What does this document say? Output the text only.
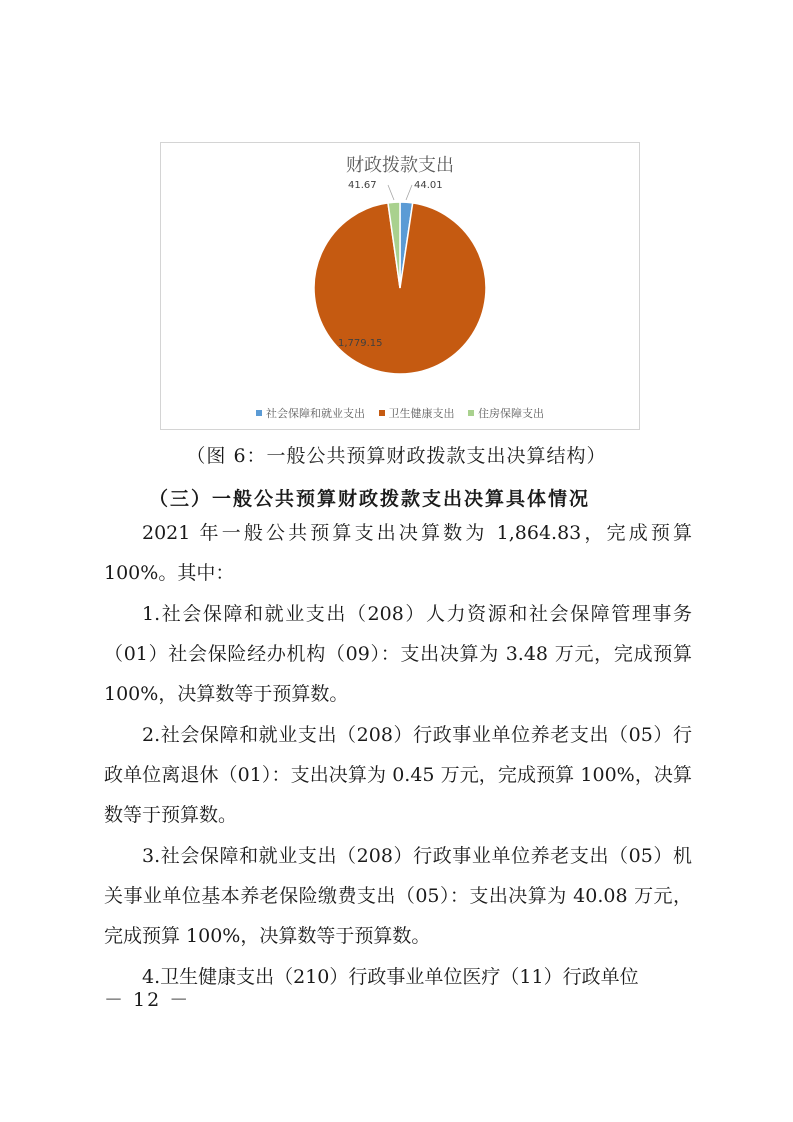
财政拨款支出
44.01
1,779.15
41.67
社会保障和就业支出 卫生健康支出 住房保障支出
（图 6：一般公共预算财政拨款支出决算结构）
（三）一般公共预算财政拨款支出决算具体情况
2021 年一般公共预算支出决算数为 1,864.83，完成预算 100%。其中：
1.社会保障和就业支出（208）人力资源和社会保障管理事务（01）社会保险经办机构（09）：支出决算为 3.48 万元，完成预算 100%，决算数等于预算数。
2.社会保障和就业支出（208）行政事业单位养老支出（05）行政单位离退休（01）：支出决算为 0.45 万元，完成预算 100%，决算数等于预算数。
3.社会保障和就业支出（208）行政事业单位养老支出（05）机关事业单位基本养老保险缴费支出（05）：支出决算为 40.08 万元，完成预算 100%，决算数等于预算数。
4.卫生健康支出（210）行政事业单位医疗（11）行政单位
－ 12 －
